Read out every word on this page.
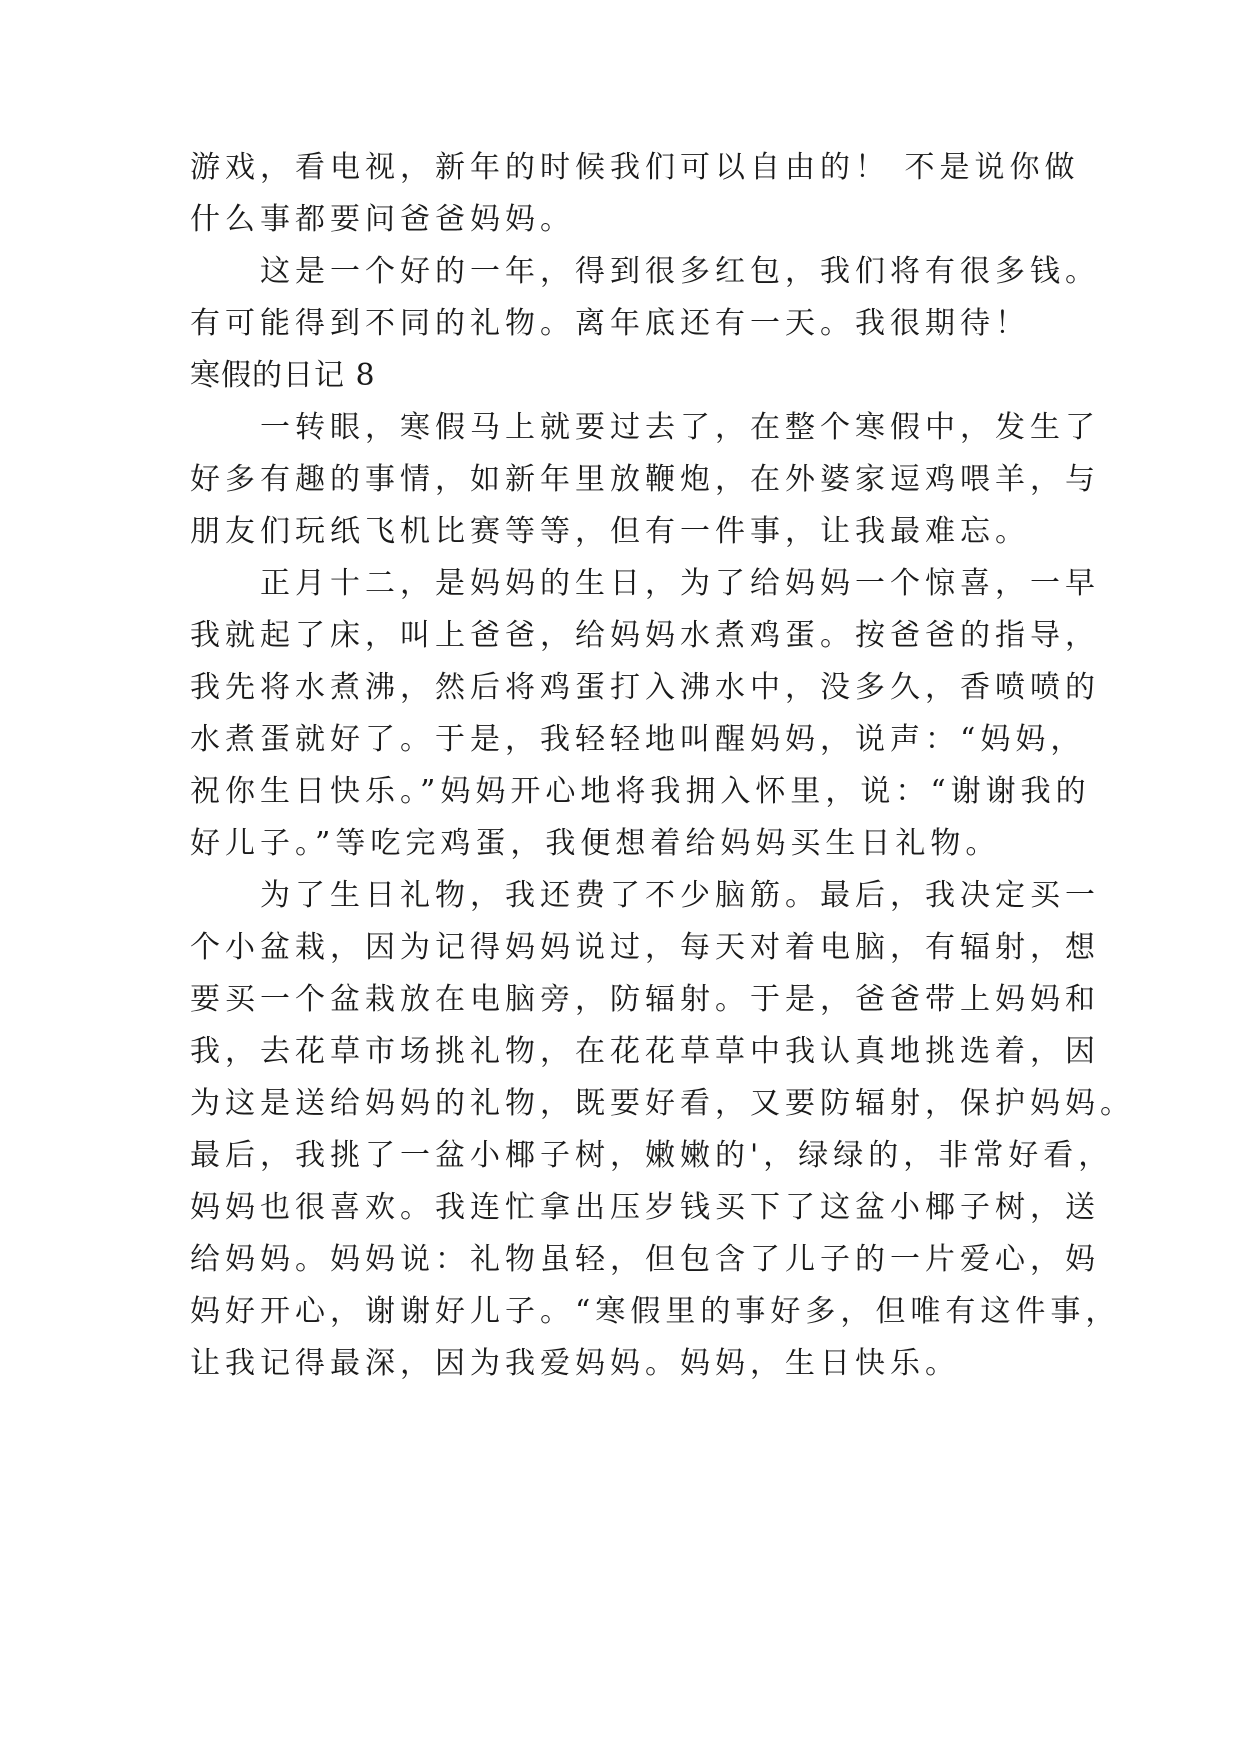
游戏，看电视，新年的时候我们可以自由的！ 不是说你做
什么事都要问爸爸妈妈。
这是一个好的一年，得到很多红包，我们将有很多钱。
有可能得到不同的礼物。离年底还有一天。我很期待！
寒假的日记 8
一转眼，寒假马上就要过去了，在整个寒假中，发生了
好多有趣的事情，如新年里放鞭炮，在外婆家逗鸡喂羊，与
朋友们玩纸飞机比赛等等，但有一件事，让我最难忘。
正月十二，是妈妈的生日，为了给妈妈一个惊喜，一早
我就起了床，叫上爸爸，给妈妈水煮鸡蛋。按爸爸的指导，
我先将水煮沸，然后将鸡蛋打入沸水中，没多久，香喷喷的
水煮蛋就好了。于是，我轻轻地叫醒妈妈，说声：“妈妈，
祝你生日快乐。”妈妈开心地将我拥入怀里，说：“谢谢我的
好儿子。”等吃完鸡蛋，我便想着给妈妈买生日礼物。
为了生日礼物，我还费了不少脑筋。最后，我决定买一
个小盆栽，因为记得妈妈说过，每天对着电脑，有辐射，想
要买一个盆栽放在电脑旁，防辐射。于是，爸爸带上妈妈和
我，去花草市场挑礼物，在花花草草中我认真地挑选着，因
为这是送给妈妈的礼物，既要好看，又要防辐射，保护妈妈。
最后，我挑了一盆小椰子树，嫩嫩的'，绿绿的，非常好看，
妈妈也很喜欢。我连忙拿出压岁钱买下了这盆小椰子树，送
给妈妈。妈妈说：礼物虽轻，但包含了儿子的一片爱心，妈
妈好开心，谢谢好儿子。“寒假里的事好多，但唯有这件事，
让我记得最深，因为我爱妈妈。妈妈，生日快乐。
